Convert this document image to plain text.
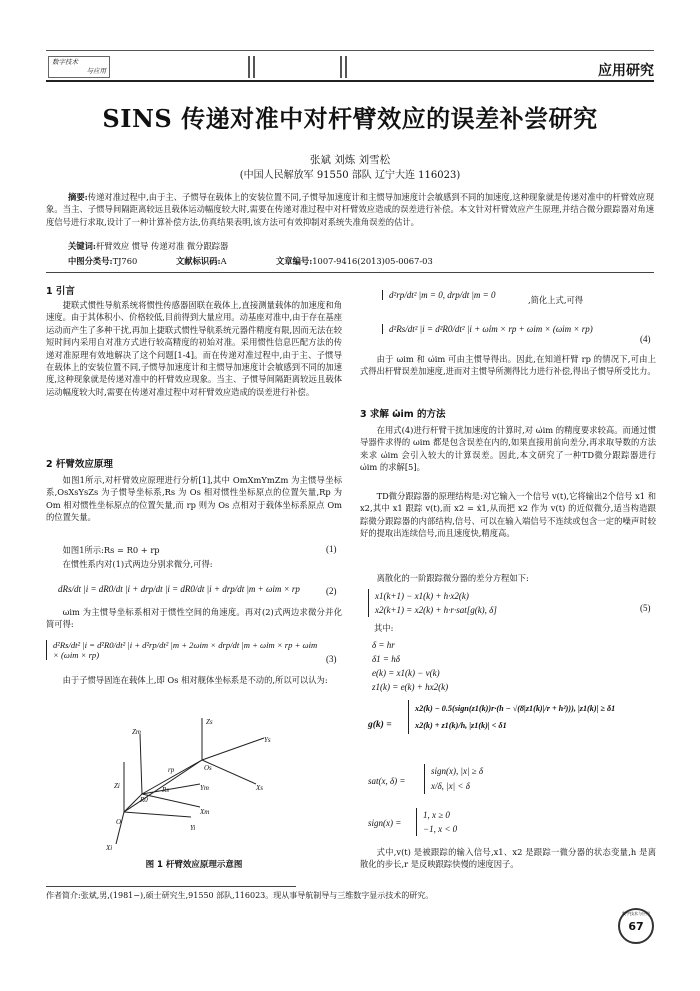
数字技术
与应用	应用研究
SINS 传递对准中对杆臂效应的误差补尝研究
张斌 刘炼 刘雪松
(中国人民解放军 91550 部队 辽宁大连 116023)
摘要:传递对准过程中,由于主、子惯导在载体上的安装位置不同,子惯导加速度计和主惯导加速度计会敏感到不同的加速度,这种现象就是传递对准中的杆臂效应现象。当主、子惯导间隔距离较远且载体运动幅度较大时,需要在传递对准过程中对杆臂效应造成的误差进行补偿。本文针对杆臂效应产生原理,并结合微分跟踪器对角速度信号进行求取,设计了一种计算补偿方法,仿真结果表明,该方法可有效抑制对系统失准角误差的估计。
关键词:杆臂效应 惯导 传递对准 微分跟踪器
中图分类号:TJ760	文献标识码:A	文章编号:1007-9416(2013)05-0067-03
1 引言
捷联式惯性导航系统将惯性传感器固联在载体上,直接测量载体的加速度和角速度。由于其体积小、价格较低,目前得到大量应用。动基座对准中,由于存在基座运动而产生了多种干扰,再加上捷联式惯性导航系统元器件精度有限,因而无法在较短时间内采用自对准方式进行较高精度的初始对准。采用惯性信息匹配方法的传递对准原理有效地解决了这个问题[1-4]。而在传递对准过程中,由于主、子惯导在载体上的安装位置不同,子惯导加速度计和主惯导加速度计会敏感到不同的加速度,这种现象就是传递对准中的杆臂效应现象。当主、子惯导间隔距离较远且载体运动幅度较大时,需要在传递对准过程中对杆臂效应造成的误差进行补偿。
2 杆臂效应原理
如图1所示,对杆臂效应原理进行分析[1],其中 OmXmYmZm 为主惯导坐标系,OsXsYsZs 为子惯导坐标系,Rs 为 Os 相对惯性坐标原点的位置矢量,Rp 为 Om 相对惯性坐标原点的位置矢量,而 rp 则为 Os 点相对于载体坐标系原点 Om 的位置矢量。
如图1所示:Rs = R0 + rp	(1)
在惯性系内对(1)式两边分别求微分,可得:
dRs/dt |i = dR0/dt |i + drp/dt |i = dR0/dt |i + drp/dt |m + ωim × rp	(2)
ωim 为主惯导坐标系相对于惯性空间的角速度。再对(2)式两边求微分并化简可得:
d²Rs/dt² |i = d²R0/dt² |i + d²rp/dt² |m + 2ωim × drp/dt |m + ω̇im × rp + ωim × (ωim × rp)	(3)
由于子惯导固连在载体上,即 Os 相对舰体坐标系是不动的,所以可以认为:
Zs
Zm
Ys
Os
rp
Zi
R0
Rs	Ym	Xs
O
Xm
Yi
Xi
图 1 杆臂效应原理示意图
d²rp/dt² |m = 0, drp/dt |m = 0	,简化上式,可得
d²Rs/dt² |i = d²R0/dt² |i + ω̇im × rp + ωim × (ωim × rp)
(4)
由于 ωim 和 ω̇im 可由主惯导得出。因此,在知道杆臂 rp 的情况下,可由上式得出杆臂误差加速度,进而对主惯导所测得比力进行补偿,得出子惯导所受比力。
3 求解 ω̇im 的方法
在用式(4)进行杆臂干扰加速度的计算时,对 ω̇im 的精度要求较高。而通过惯导器件求得的 ωim 都是包含误差在内的,如果直接用前向差分,再求取导数的方法来求 ω̇im 会引入较大的计算误差。因此,本文研究了一种TD微分跟踪器进行 ω̇im 的求解[5]。
TD微分跟踪器的原理结构是:对它输入一个信号 v(t),它将输出2个信号 x1 和 x2,其中 x1 跟踪 v(t),而 x2 = ẋ1,从而把 x2 作为 v(t) 的近似微分,适当构造跟踪微分跟踪器的内部结构,信号、可以在输入端信号不连续或包含一定的噪声时较好的提取出连续信号,而且速度快,精度高。
离散化的一阶跟踪微分器的差分方程如下:
x1(k+1) − x1(k) + h·x2(k)
x2(k+1) = x2(k) + h·r·sat[g(k), δ]	(5)
其中:
δ = hr
δ1 = hδ
e(k) = x1(k) − v(k)
z1(k) = e(k) + hx2(k)
g(k) =
x2(k) − 0.5(sign(z1(k))r·(h − √(8|z1(k)|/r + h²))), |z1(k)| ≥ δ1
x2(k) + z1(k)/h, |z1(k)| < δ1
sat(x, δ) =
sign(x), |x| ≥ δ
x/δ, |x| < δ
sign(x) =
1, x ≥ 0
−1, x < 0
式中,v(t) 是被跟踪的输入信号,x1、x2 是跟踪一微分器的状态变量,h 是离散化的步长,r 是反映跟踪快慢的速度因子。
作者简介:张斌,男,(1981−),硕士研究生,91550 部队,116023。现从事导航制导与三维数字显示技术的研究。
数字技术与应用
67
